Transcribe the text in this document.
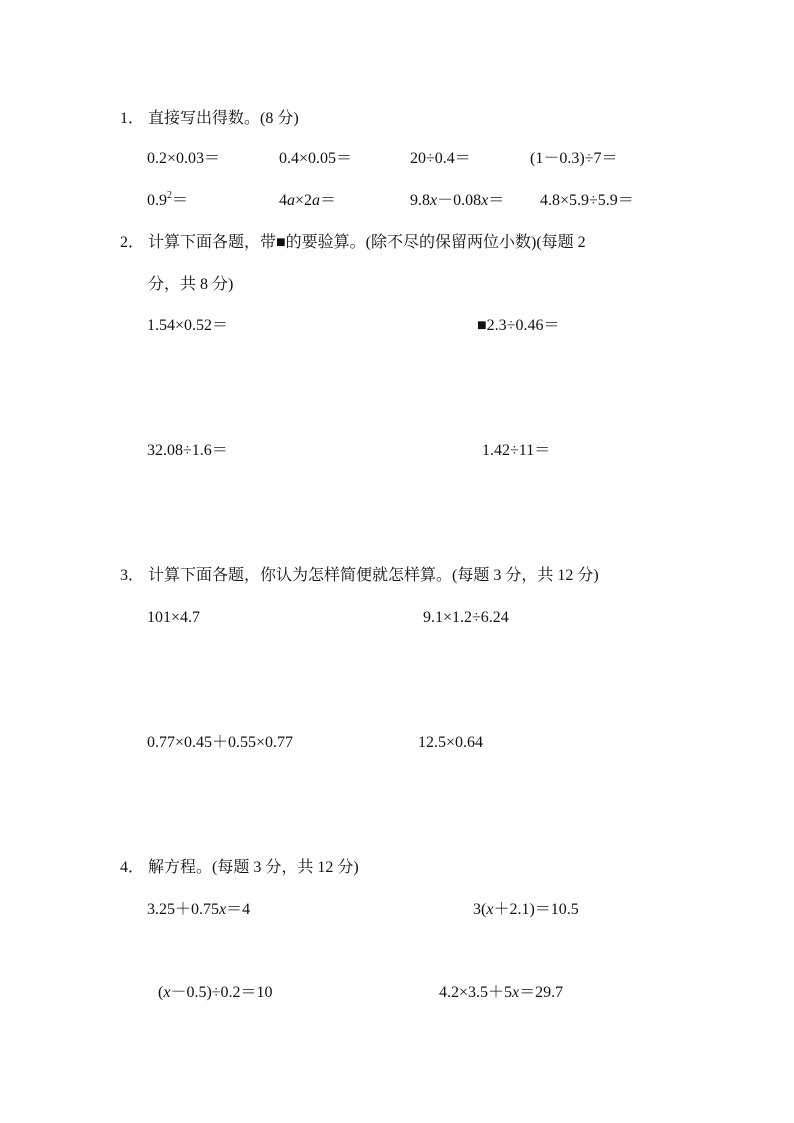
1． 直接写出得数。(8 分)
0.2×0.03＝	0.4×0.05＝	20÷0.4＝	(1－0.3)÷7＝
$0.9^2=$	4a×2a＝	9.8x－0.08x＝ 4.8×5.9÷5.9＝
2． 计算下面各题，带■的要验算。(除不尽的保留两位小数)(每题 2
分，共 8 分)
1.54×0.52＝	■2.3÷0.46＝
32.08÷1.6＝	1.42÷11＝
3． 计算下面各题，你认为怎样简便就怎样算。(每题 3 分，共 12 分)
101×4.7	9.1×1.2÷6.24
0.77×0.45＋0.55×0.77	12.5×0.64
4． 解方程。(每题 3 分，共 12 分)
3.25＋0.75x＝4	3(x＋2.1)＝10.5
(x－0.5)÷0.2＝10	4.2×3.5＋5x＝29.7
